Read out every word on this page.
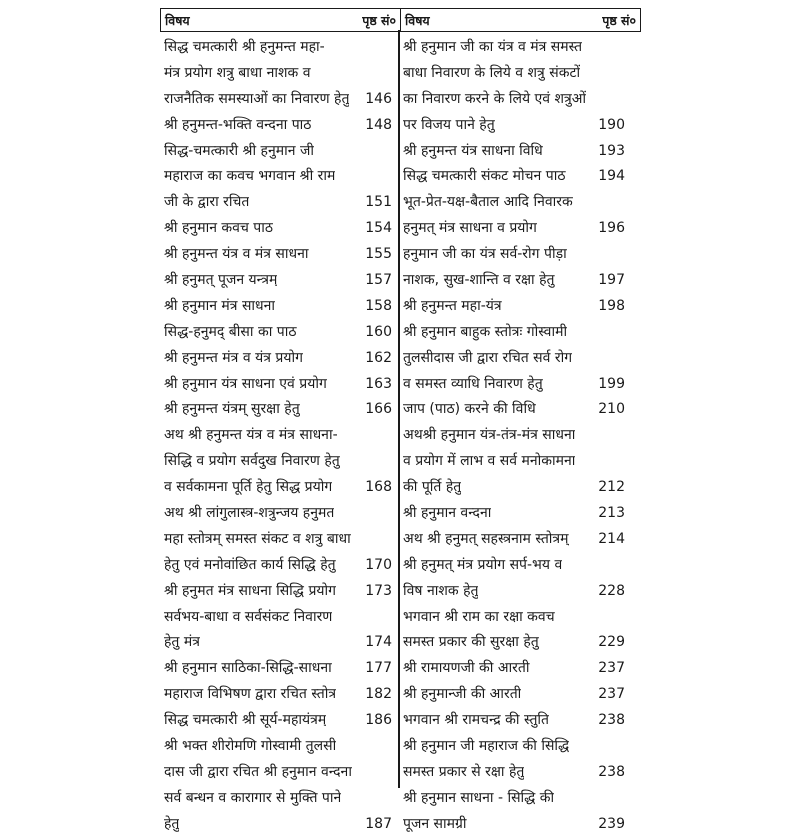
विषय	पृष्ठ सं० विषय	पृष्ठ सं०
सिद्ध चमत्कारी श्री हनुमन्त महा-
मंत्र प्रयोग शत्रु बाधा नाशक व
राजनैतिक समस्याओं का निवारण हेतु 146
श्री हनुमन्त-भक्ति वन्दना पाठ	148
सिद्ध-चमत्कारी श्री हनुमान जी
महाराज का कवच भगवान श्री राम
जी के द्वारा रचित	151
श्री हनुमान कवच पाठ	154
श्री हनुमन्त यंत्र व मंत्र साधना	155
श्री हनुमत् पूजन यन्त्रम्	157
श्री हनुमान मंत्र साधना	158
सिद्ध-हनुमद् बीसा का पाठ	160
श्री हनुमन्त मंत्र व यंत्र प्रयोग	162
श्री हनुमान यंत्र साधना एवं प्रयोग	163
श्री हनुमन्त यंत्रम् सुरक्षा हेतु	166
अथ श्री हनुमन्त यंत्र व मंत्र साधना-
सिद्धि व प्रयोग सर्वदुख निवारण हेतु
व सर्वकामना पूर्ति हेतु सिद्ध प्रयोग 168
अथ श्री लांगुलास्त्र-शत्रुन्जय हनुमत
महा स्तोत्रम् समस्त संकट व शत्रु बाधा
हेतु एवं मनोवांछित कार्य सिद्धि हेतु 170
श्री हनुमत मंत्र साधना सिद्धि प्रयोग 173
सर्वभय-बाधा व सर्वसंकट निवारण
हेतु मंत्र	174
श्री हनुमान साठिका-सिद्धि-साधना 177
महाराज विभिषण द्वारा रचित स्तोत्र 182
सिद्ध चमत्कारी श्री सूर्य-महायंत्रम्	186
श्री भक्त शीरोमणि गोस्वामी तुलसी
दास जी द्वारा रचित श्री हनुमान वन्दना
सर्व बन्धन व कारागार से मुक्ति पाने
हेतु	187
श्री हनुमान जी का यंत्र व मंत्र समस्त
बाधा निवारण के लिये व शत्रु संकटों
का निवारण करने के लिये एवं शत्रुओं
पर विजय पाने हेतु	190
श्री हनुमन्त यंत्र साधना विधि	193
सिद्ध चमत्कारी संकट मोचन पाठ 194
भूत-प्रेत-यक्ष-बैताल आदि निवारक
हनुमत् मंत्र साधना व प्रयोग	196
हनुमान जी का यंत्र सर्व-रोग पीड़ा
नाशक, सुख-शान्ति व रक्षा हेतु	197
श्री हनुमन्त महा-यंत्र	198
श्री हनुमान बाहुक स्तोत्रः गोस्वामी
तुलसीदास जी द्वारा रचित सर्व रोग
व समस्त व्याधि निवारण हेतु	199
जाप (पाठ) करने की विधि	210
अथश्री हनुमान यंत्र-तंत्र-मंत्र साधना
व प्रयोग में लाभ व सर्व मनोकामना
की पूर्ति हेतु	212
श्री हनुमान वन्दना	213
अथ श्री हनुमत् सहस्त्रनाम स्तोत्रम् 214
श्री हनुमत् मंत्र प्रयोग सर्प-भय व
विष नाशक हेतु	228
भगवान श्री राम का रक्षा कवच
समस्त प्रकार की सुरक्षा हेतु	229
श्री रामायणजी की आरती	237
श्री हनुमान्जी की आरती	237
भगवान श्री रामचन्द्र की स्तुति	238
श्री हनुमान जी महाराज की सिद्धि
समस्त प्रकार से रक्षा हेतु	238
श्री हनुमान साधना - सिद्धि की
पूजन सामग्री	239
